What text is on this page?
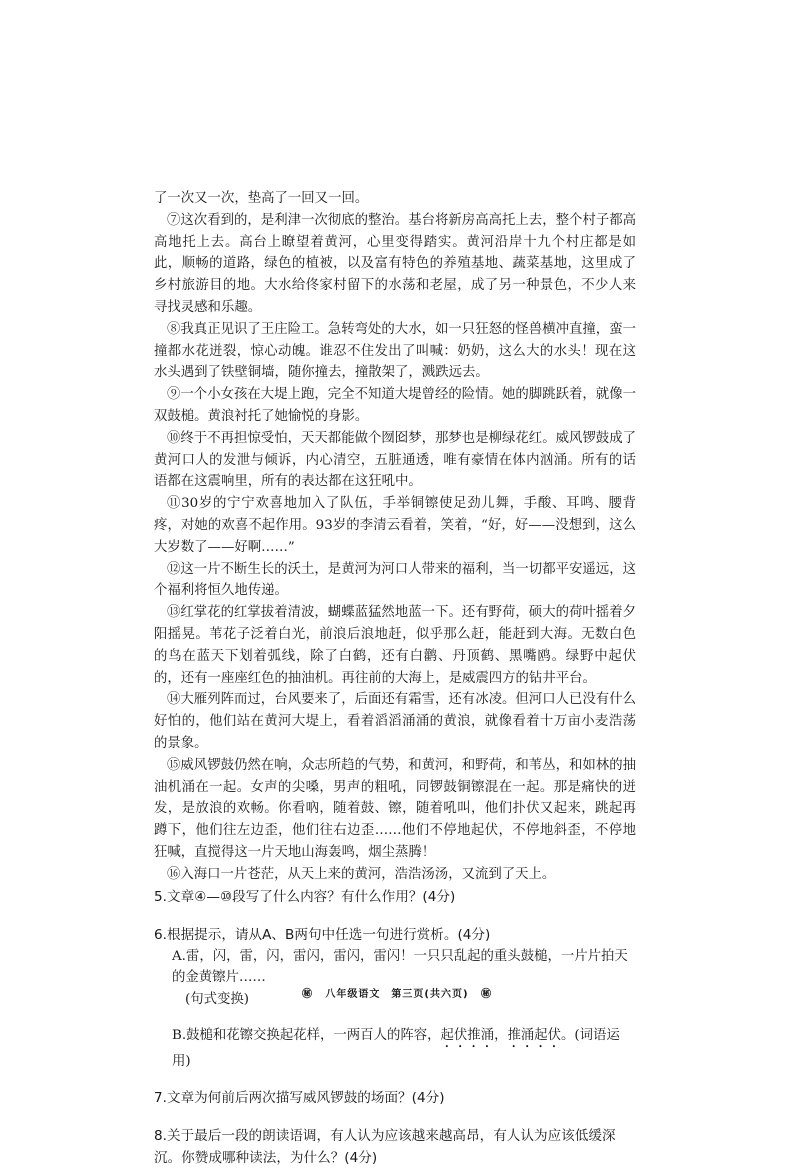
了一次又一次，垫高了一回又一回。

⑦这次看到的，是利津一次彻底的整治。基台将新房高高托上去，整个村子都高高地托上去。高台上瞭望着黄河，心里变得踏实。黄河沿岸十九个村庄都是如此，顺畅的道路，绿色的植被，以及富有特色的养殖基地、蔬菜基地，这里成了乡村旅游目的地。大水给佟家村留下的水荡和老屋，成了另一种景色，不少人来寻找灵感和乐趣。

⑧我真正见识了王庄险工。急转弯处的大水，如一只狂怒的怪兽横冲直撞，蛮一撞都水花迸裂，惊心动魄。谁忍不住发出了叫喊：奶奶，这么大的水头！现在这水头遇到了铁壁铜墙，随你撞去，撞散架了，溅跌远去。

⑨一个小女孩在大堤上跑，完全不知道大堤曾经的险情。她的脚跳跃着，就像一双鼓槌。黄浪衬托了她愉悦的身影。

⑩终于不再担惊受怕，天天都能做个囫囵梦，那梦也是柳绿花红。威风锣鼓成了黄河口人的发泄与倾诉，内心清空，五脏通透，唯有豪情在体内汹涌。所有的话语都在这震响里，所有的表达都在这狂吼中。

⑪30岁的宁宁欢喜地加入了队伍，手举铜镲使足劲儿舞，手酸、耳鸣、腰背疼，对她的欢喜不起作用。93岁的李清云看着，笑着，“好，好——没想到，这么大岁数了——好啊……”

⑫这一片不断生长的沃土，是黄河为河口人带来的福利，当一切都平安遥远，这个福利将恒久地传递。

⑬红掌花的红掌拔着清波，蝴蝶蓝猛然地蓝一下。还有野荷，硕大的荷叶摇着夕阳摇晃。苇花子泛着白光，前浪后浪地赶，似乎那么赶，能赶到大海。无数白色的鸟在蓝天下划着弧线，除了白鹤，还有白鹳、丹顶鹤、黑嘴鸥。绿野中起伏的，还有一座座红色的抽油机。再往前的大海上，是威震四方的钻井平台。

⑭大雁列阵而过，台风要来了，后面还有霜雪，还有冰凌。但河口人已没有什么好怕的，他们站在黄河大堤上，看着滔滔涌涌的黄浪，就像看着十万亩小麦浩荡的景象。

⑮威风锣鼓仍然在响，众志所趋的气势，和黄河，和野荷，和苇丛，和如林的抽油机涌在一起。女声的尖嗓，男声的粗吼，同锣鼓铜镲混在一起。那是痛快的迸发，是放浪的欢畅。你看吶，随着鼓、镲，随着吼叫，他们扑伏又起来，跳起再蹲下，他们往左边歪，他们往右边歪……他们不停地起伏，不停地斜歪，不停地狂喊，直搅得这一片天地山海轰鸣，烟尘蒸腾！

⑯入海口一片苍茫，从天上来的黄河，浩浩汤汤，又流到了天上。

5.文章④—⑩段写了什么内容？有什么作用？(4分)

6.根据提示，请从A、B两句中任选一句进行赏析。(4分)

A.雷，闪，雷，闪，雷闪，雷闪，雷闪！一只只乱起的重头鼓槌，一片片拍天的金黄镲片……

(句式变换)

B.鼓槌和花镲交换起花样，一两百人的阵容，起伏推涌，推涌起伏。(词语运用)

7.文章为何前后两次描写威风锣鼓的场面？(4分)

8.关于最后一段的朗读语调，有人认为应该越来越高昂，有人认为应该低缓深沉。你赞成哪种读法，为什么？(4分)

㊙ 八年级语文　第三页(共六页) ㊙
